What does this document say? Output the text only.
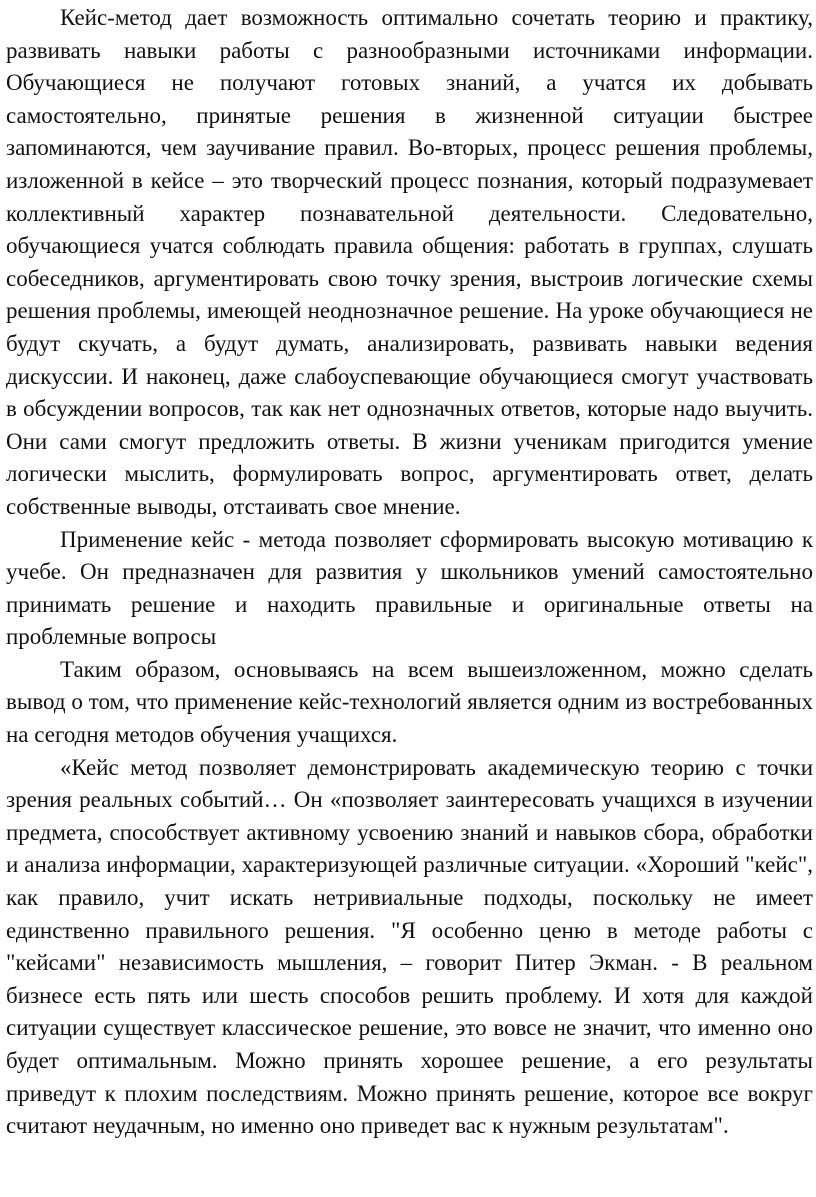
Кейс-метод дает возможность оптимально сочетать теорию и практику, развивать навыки работы с разнообразными источниками информации. Обучающиеся не получают готовых знаний, а учатся их добывать самостоятельно, принятые решения в жизненной ситуации быстрее запоминаются, чем заучивание правил. Во-вторых, процесс решения проблемы, изложенной в кейсе – это творческий процесс познания, который подразумевает коллективный характер познавательной деятельности. Следовательно, обучающиеся учатся соблюдать правила общения: работать в группах, слушать собеседников, аргументировать свою точку зрения, выстроив логические схемы решения проблемы, имеющей неоднозначное решение. На уроке обучающиеся не будут скучать, а будут думать, анализировать, развивать навыки ведения дискуссии. И наконец, даже слабоуспевающие обучающиеся смогут участвовать в обсуждении вопросов, так как нет однозначных ответов, которые надо выучить. Они сами смогут предложить ответы. В жизни ученикам пригодится умение логически мыслить, формулировать вопрос, аргументировать ответ, делать собственные выводы, отстаивать свое мнение.

Применение кейс - метода позволяет сформировать высокую мотивацию к учебе. Он предназначен для развития у школьников умений самостоятельно принимать решение и находить правильные и оригинальные ответы на проблемные вопросы

Таким образом, основываясь на всем вышеизложенном, можно сделать вывод о том, что применение кейс-технологий является одним из востребованных на сегодня методов обучения учащихся.

«Кейс метод позволяет демонстрировать академическую теорию с точки зрения реальных событий… Он «позволяет заинтересовать учащихся в изучении предмета, способствует активному усвоению знаний и навыков сбора, обработки и анализа информации, характеризующей различные ситуации. «Хороший "кейс", как правило, учит искать нетривиальные подходы, поскольку не имеет единственно правильного решения. "Я особенно ценю в методе работы с "кейсами" независимость мышления, – говорит Питер Экман. - В реальном бизнесе есть пять или шесть способов решить проблему. И хотя для каждой ситуации существует классическое решение, это вовсе не значит, что именно оно будет оптимальным. Можно принять хорошее решение, а его результаты приведут к плохим последствиям. Можно принять решение, которое все вокруг считают неудачным, но именно оно приведет вас к нужным результатам".
